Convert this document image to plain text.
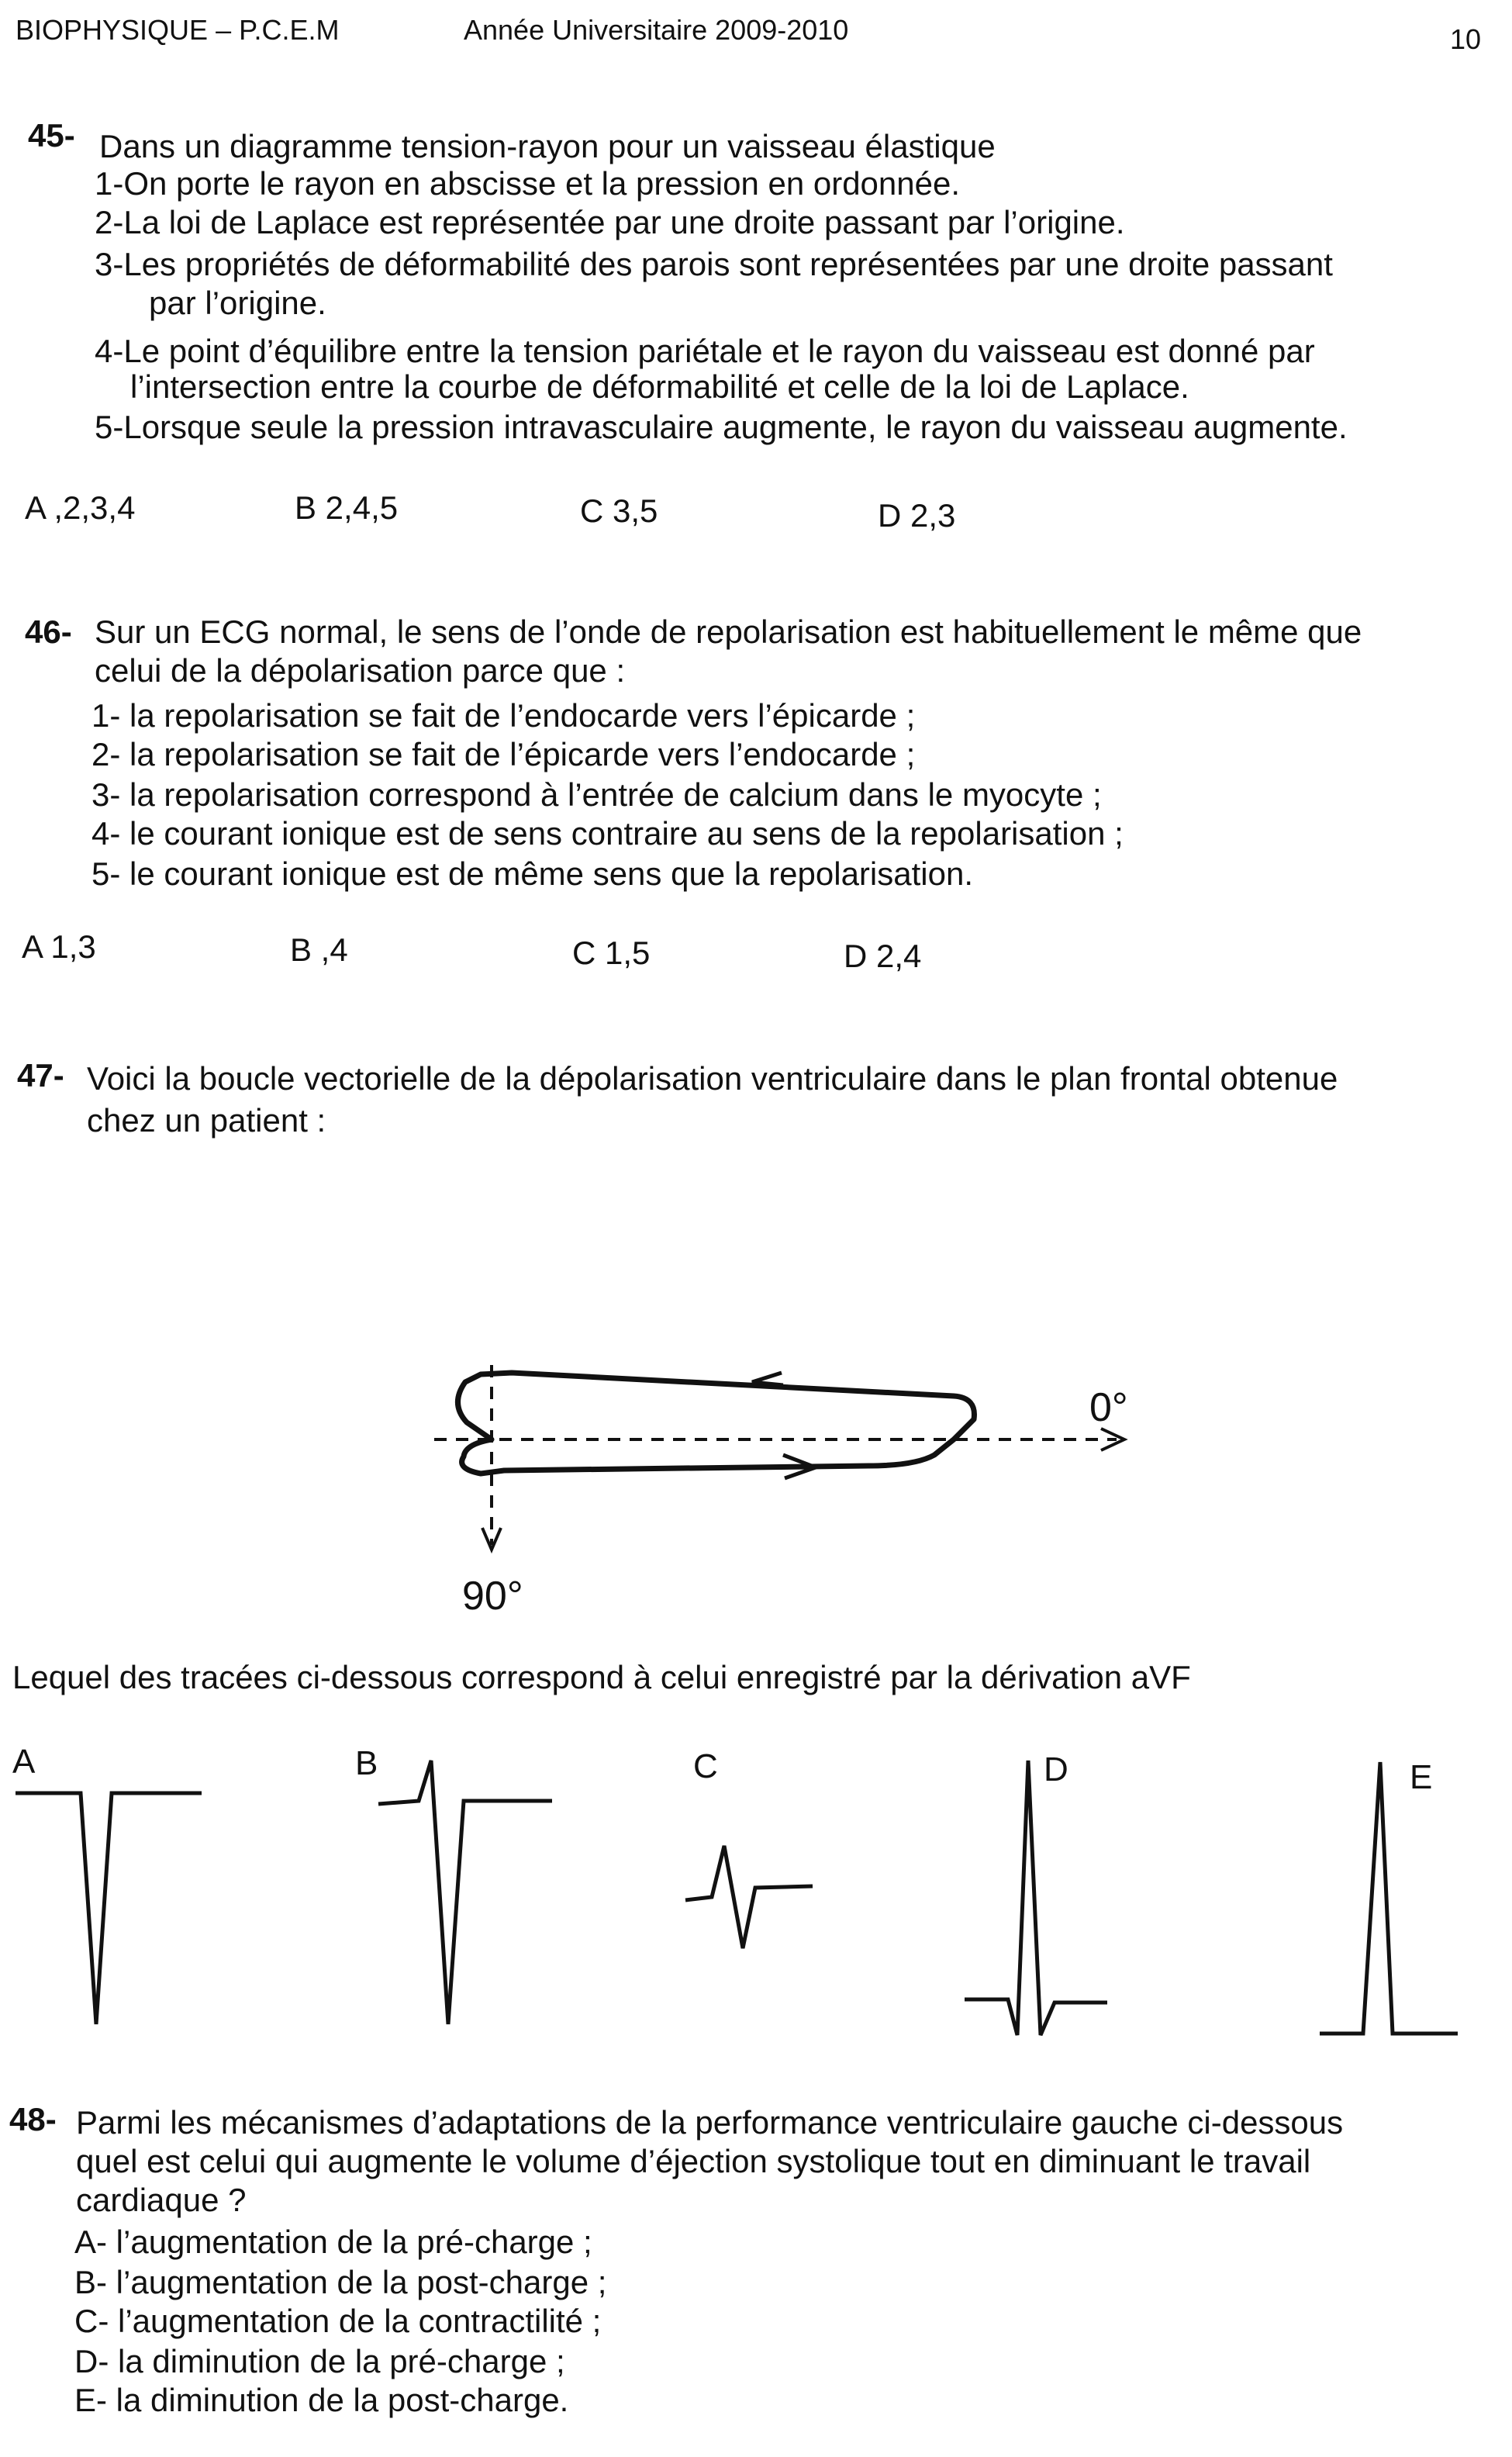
BIOPHYSIQUE – P.C.E.M	Année Universitaire 2009-2010	10
45- Dans un diagramme tension-rayon pour un vaisseau élastique
1-On porte le rayon en abscisse et la pression en ordonnée.
2-La loi de Laplace est représentée par une droite passant par l’origine.
3-Les propriétés de déformabilité des parois sont représentées par une droite passant
par l’origine.
4-Le point d’équilibre entre la tension pariétale et le rayon du vaisseau est donné par
l’intersection entre la courbe de déformabilité et celle de la loi de Laplace.
5-Lorsque seule la pression intravasculaire augmente, le rayon du vaisseau augmente.
A ,2,3,4	B 2,4,5	C 3,5	D 2,3
46- Sur un ECG normal, le sens de l’onde de repolarisation est habituellement le même que
celui de la dépolarisation parce que :
1- la repolarisation se fait de l’endocarde vers l’épicarde ;
2- la repolarisation se fait de l’épicarde vers l’endocarde ;
3- la repolarisation correspond à l’entrée de calcium dans le myocyte ;
4- le courant ionique est de sens contraire au sens de la repolarisation ;
5- le courant ionique est de même sens que la repolarisation.
A 1,3	B ,4	C 1,5	D 2,4
47- Voici la boucle vectorielle de la dépolarisation ventriculaire dans le plan frontal obtenue
chez un patient :
0°
90°
Lequel des tracées ci-dessous correspond à celui enregistré par la dérivation aVF
A	B	C	D	E
48- Parmi les mécanismes d’adaptations de la performance ventriculaire gauche ci-dessous
quel est celui qui augmente le volume d’éjection systolique tout en diminuant le travail
cardiaque ?
A- l’augmentation de la pré-charge ;
B- l’augmentation de la post-charge ;
C- l’augmentation de la contractilité ;
D- la diminution de la pré-charge ;
E- la diminution de la post-charge.
